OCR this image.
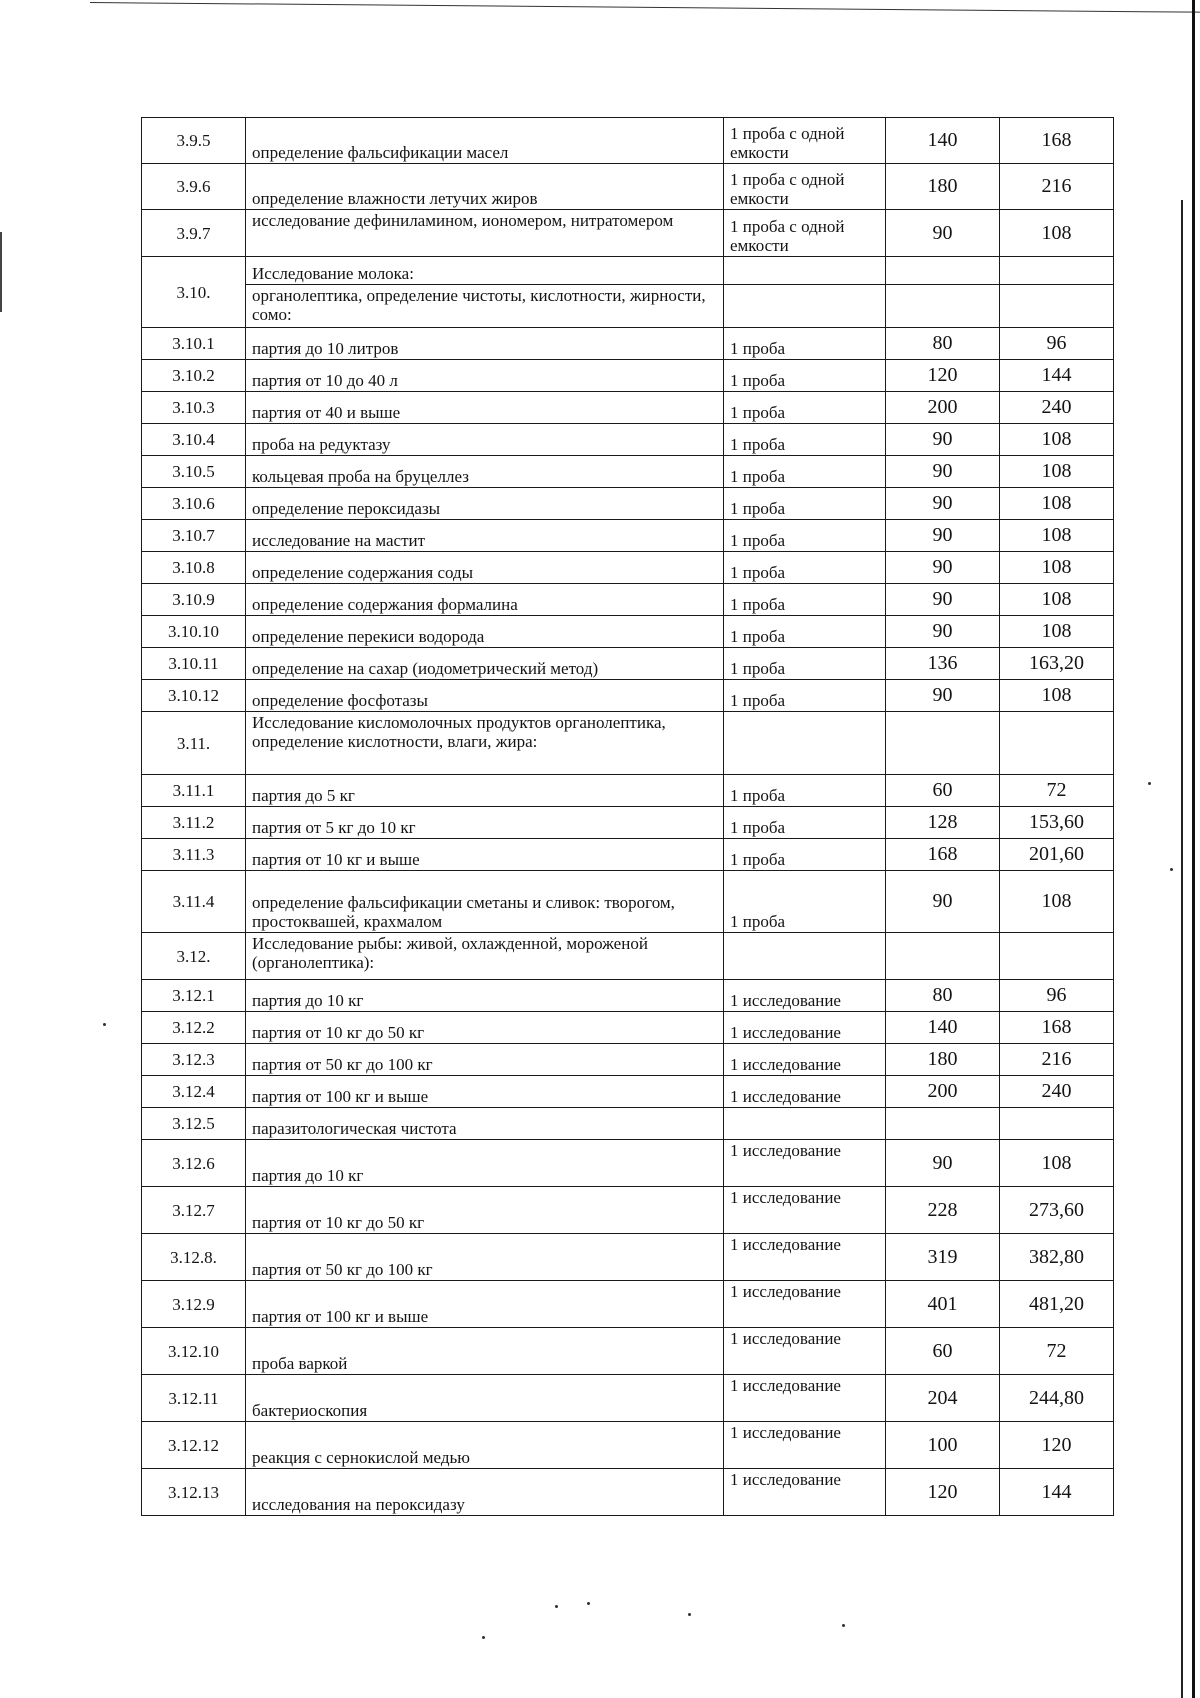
3.9.5	определение фальсификации масел	1 проба с одной емкости	140	168
3.9.6	определение влажности летучих жиров	1 проба с одной емкости	180	216
3.9.7	исследование дефиниламином, иономером, нитратомером	1 проба с одной емкости	90	108
3.10.	Исследование молока:			
	органолептика, определение чистоты, кислотности, жирности, сомо:			
3.10.1	партия до 10 литров	1 проба	80	96
3.10.2	партия от 10 до 40 л	1 проба	120	144
3.10.3	партия от 40 и выше	1 проба	200	240
3.10.4	проба на редуктазу	1 проба	90	108
3.10.5	кольцевая проба на бруцеллез	1 проба	90	108
3.10.6	определение пероксидазы	1 проба	90	108
3.10.7	исследование на мастит	1 проба	90	108
3.10.8	определение содержания соды	1 проба	90	108
3.10.9	определение содержания формалина	1 проба	90	108
3.10.10	определение перекиси водорода	1 проба	90	108
3.10.11	определение на сахар (иодометрический метод)	1 проба	136	163,20
3.10.12	определение фосфотазы	1 проба	90	108
3.11.	Исследование кисломолочных продуктов органолептика, определение кислотности, влаги, жира:			
3.11.1	партия до 5 кг	1 проба	60	72
3.11.2	партия от 5 кг до 10 кг	1 проба	128	153,60
3.11.3	партия от 10 кг и выше	1 проба	168	201,60
3.11.4	определение фальсификации сметаны и сливок: творогом, простоквашей, крахмалом	1 проба	90	108
3.12.	Исследование рыбы: живой, охлажденной, мороженой (органолептика):			
3.12.1	партия до 10 кг	1 исследование	80	96
3.12.2	партия от 10 кг до 50 кг	1 исследование	140	168
3.12.3	партия от 50 кг до 100 кг	1 исследование	180	216
3.12.4	партия от 100 кг и выше	1 исследование	200	240
3.12.5	паразитологическая чистота			
3.12.6	партия до 10 кг	1 исследование	90	108
3.12.7	партия от 10 кг до 50 кг	1 исследование	228	273,60
3.12.8.	партия от 50 кг до 100 кг	1 исследование	319	382,80
3.12.9	партия от 100 кг и выше	1 исследование	401	481,20
3.12.10	проба варкой	1 исследование	60	72
3.12.11	бактериоскопия	1 исследование	204	244,80
3.12.12	реакция с сернокислой медью	1 исследование	100	120
3.12.13	исследования на пероксидазу	1 исследование	120	144
